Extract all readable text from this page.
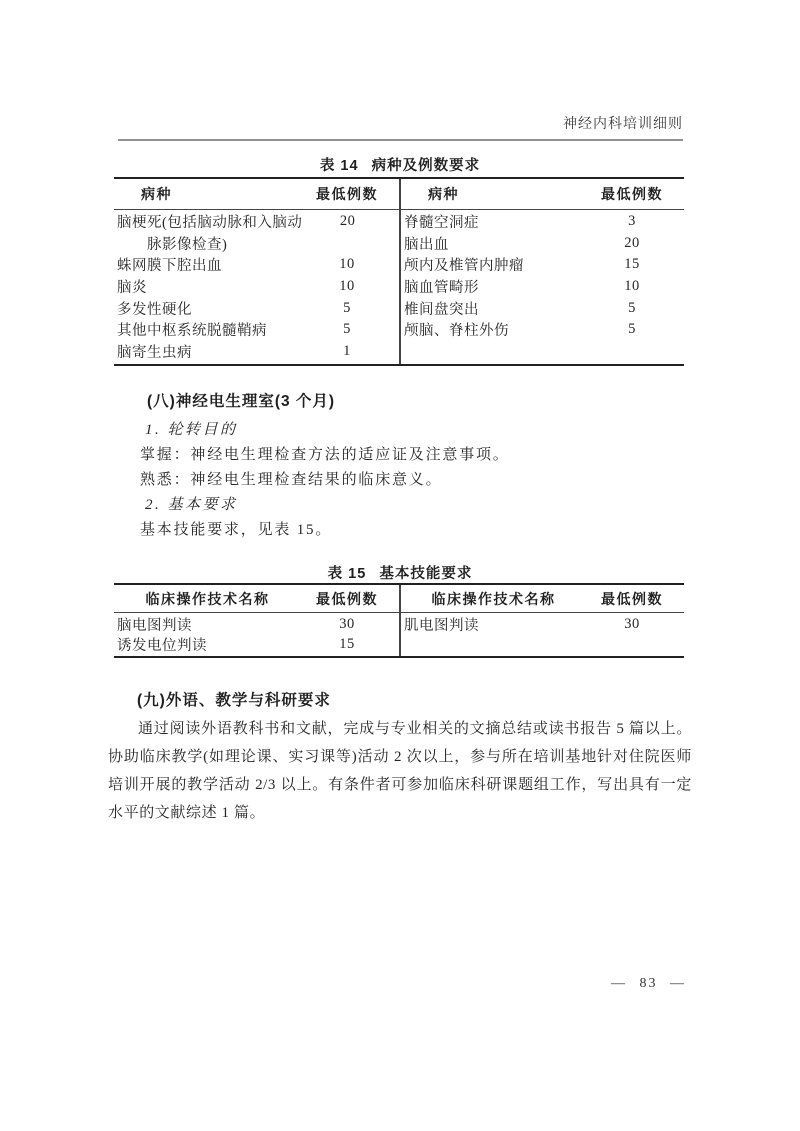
神经内科培训细则
表 14 病种及例数要求
病种	最低例数
脑梗死(包括脑动脉和入脑动	20
　　脉影像检查)
蛛网膜下腔出血	10
脑炎	10
多发性硬化	5
其他中枢系统脱髓鞘病	5
脑寄生虫病	1
病种	最低例数
脊髓空洞症	3
脑出血	20
颅内及椎管内肿瘤	15
脑血管畸形	10
椎间盘突出	5
颅脑、脊柱外伤	5
(八)神经电生理室(3 个月)
1. 轮转目的
掌握：神经电生理检查方法的适应证及注意事项。
熟悉：神经电生理检查结果的临床意义。
2. 基本要求
基本技能要求，见表 15。
表 15 基本技能要求
临床操作技术名称	最低例数
脑电图判读	30
诱发电位判读	15
临床操作技术名称	最低例数
肌电图判读	30
(九)外语、教学与科研要求

通过阅读外语教科书和文献，完成与专业相关的文摘总结或读书报告 5 篇以上。协助临床教学(如理论课、实习课等)活动 2 次以上，参与所在培训基地针对住院医师培训开展的教学活动 2/3 以上。有条件者可参加临床科研课题组工作，写出具有一定水平的文献综述 1 篇。

— 83 —
